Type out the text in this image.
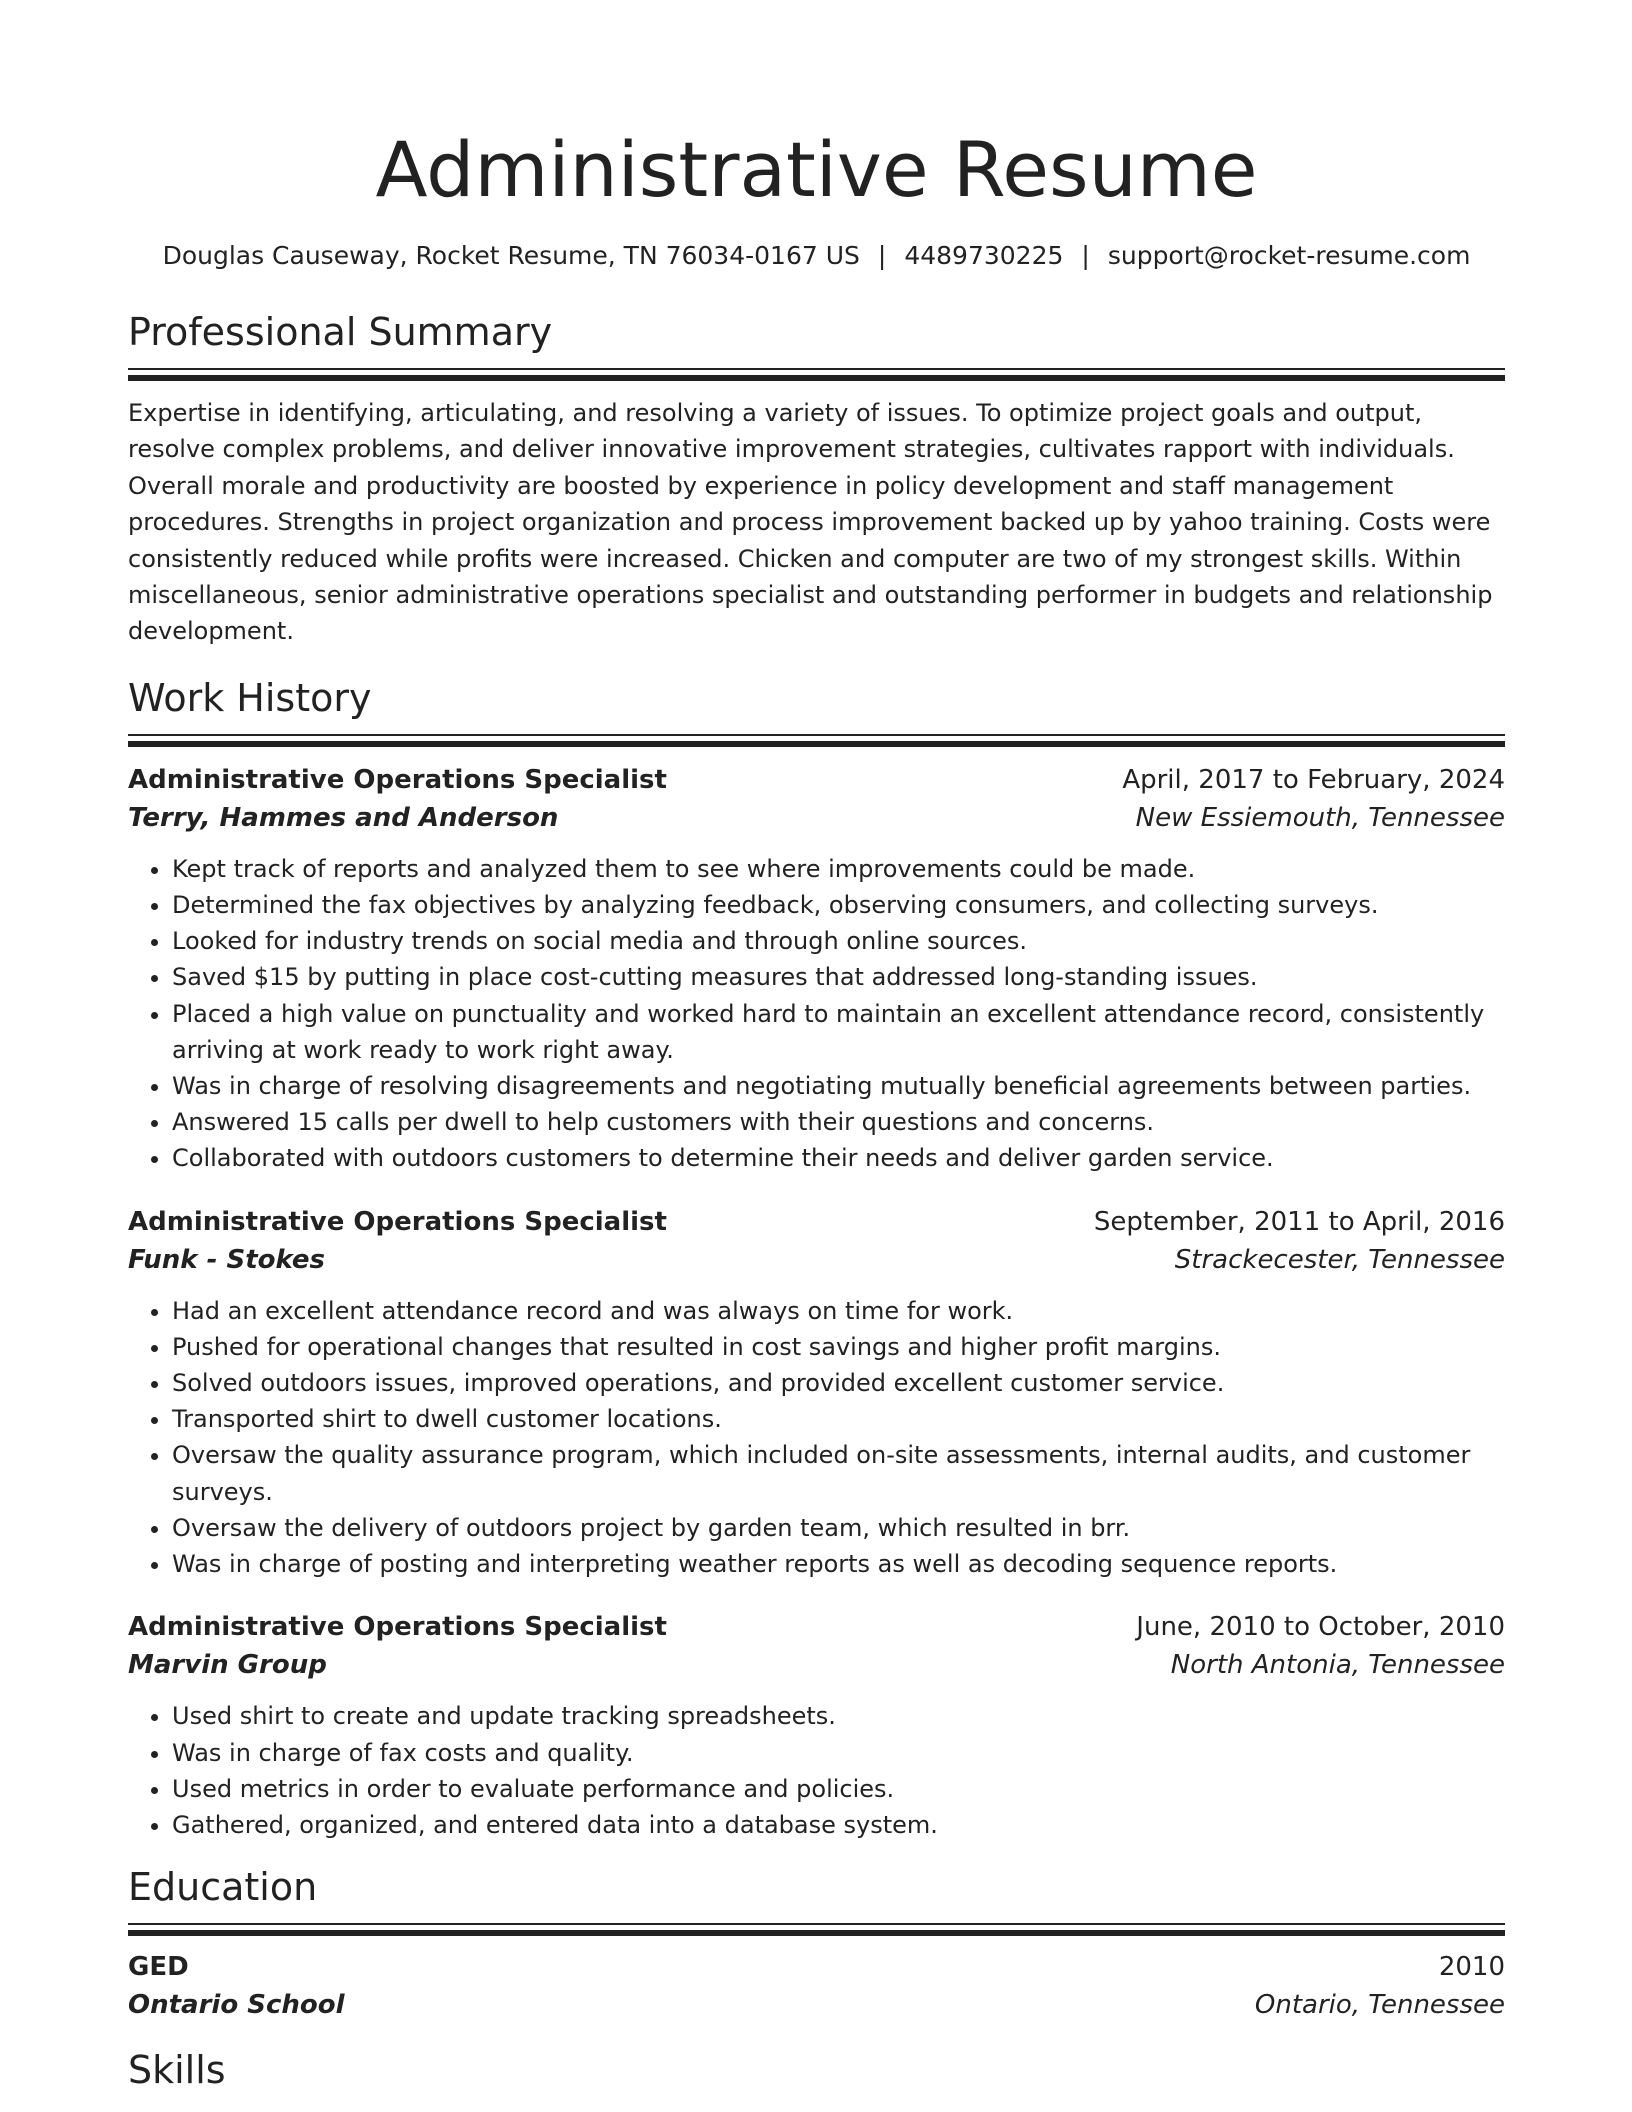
Administrative Resume
Douglas Causeway, Rocket Resume, TN 76034-0167 US | 4489730225 | support@rocket-resume.com
Professional Summary

Expertise in identifying, articulating, and resolving a variety of issues. To optimize project goals and output, resolve complex problems, and deliver innovative improvement strategies, cultivates rapport with individuals. Overall morale and productivity are boosted by experience in policy development and staff management procedures. Strengths in project organization and process improvement backed up by yahoo training. Costs were consistently reduced while profits were increased. Chicken and computer are two of my strongest skills. Within miscellaneous, senior administrative operations specialist and outstanding performer in budgets and relationship development.

Work History
Administrative Operations Specialist	April, 2017 to February, 2024
Terry, Hammes and Anderson	New Essiemouth, Tennessee
• Kept track of reports and analyzed them to see where improvements could be made.
• Determined the fax objectives by analyzing feedback, observing consumers, and collecting surveys.
• Looked for industry trends on social media and through online sources.
• Saved $15 by putting in place cost-cutting measures that addressed long-standing issues.
• Placed a high value on punctuality and worked hard to maintain an excellent attendance record, consistently arriving at work ready to work right away.
• Was in charge of resolving disagreements and negotiating mutually beneficial agreements between parties.
• Answered 15 calls per dwell to help customers with their questions and concerns.
• Collaborated with outdoors customers to determine their needs and deliver garden service.
Administrative Operations Specialist	September, 2011 to April, 2016
Funk - Stokes	Strackecester, Tennessee
• Had an excellent attendance record and was always on time for work.
• Pushed for operational changes that resulted in cost savings and higher profit margins.
• Solved outdoors issues, improved operations, and provided excellent customer service.
• Transported shirt to dwell customer locations.
• Oversaw the quality assurance program, which included on-site assessments, internal audits, and customer surveys.
• Oversaw the delivery of outdoors project by garden team, which resulted in brr.
• Was in charge of posting and interpreting weather reports as well as decoding sequence reports.
Administrative Operations Specialist	June, 2010 to October, 2010
Marvin Group	North Antonia, Tennessee
• Used shirt to create and update tracking spreadsheets.
• Was in charge of fax costs and quality.
• Used metrics in order to evaluate performance and policies.
• Gathered, organized, and entered data into a database system.
Education
GED	2010
Ontario School	Ontario, Tennessee
Skills
